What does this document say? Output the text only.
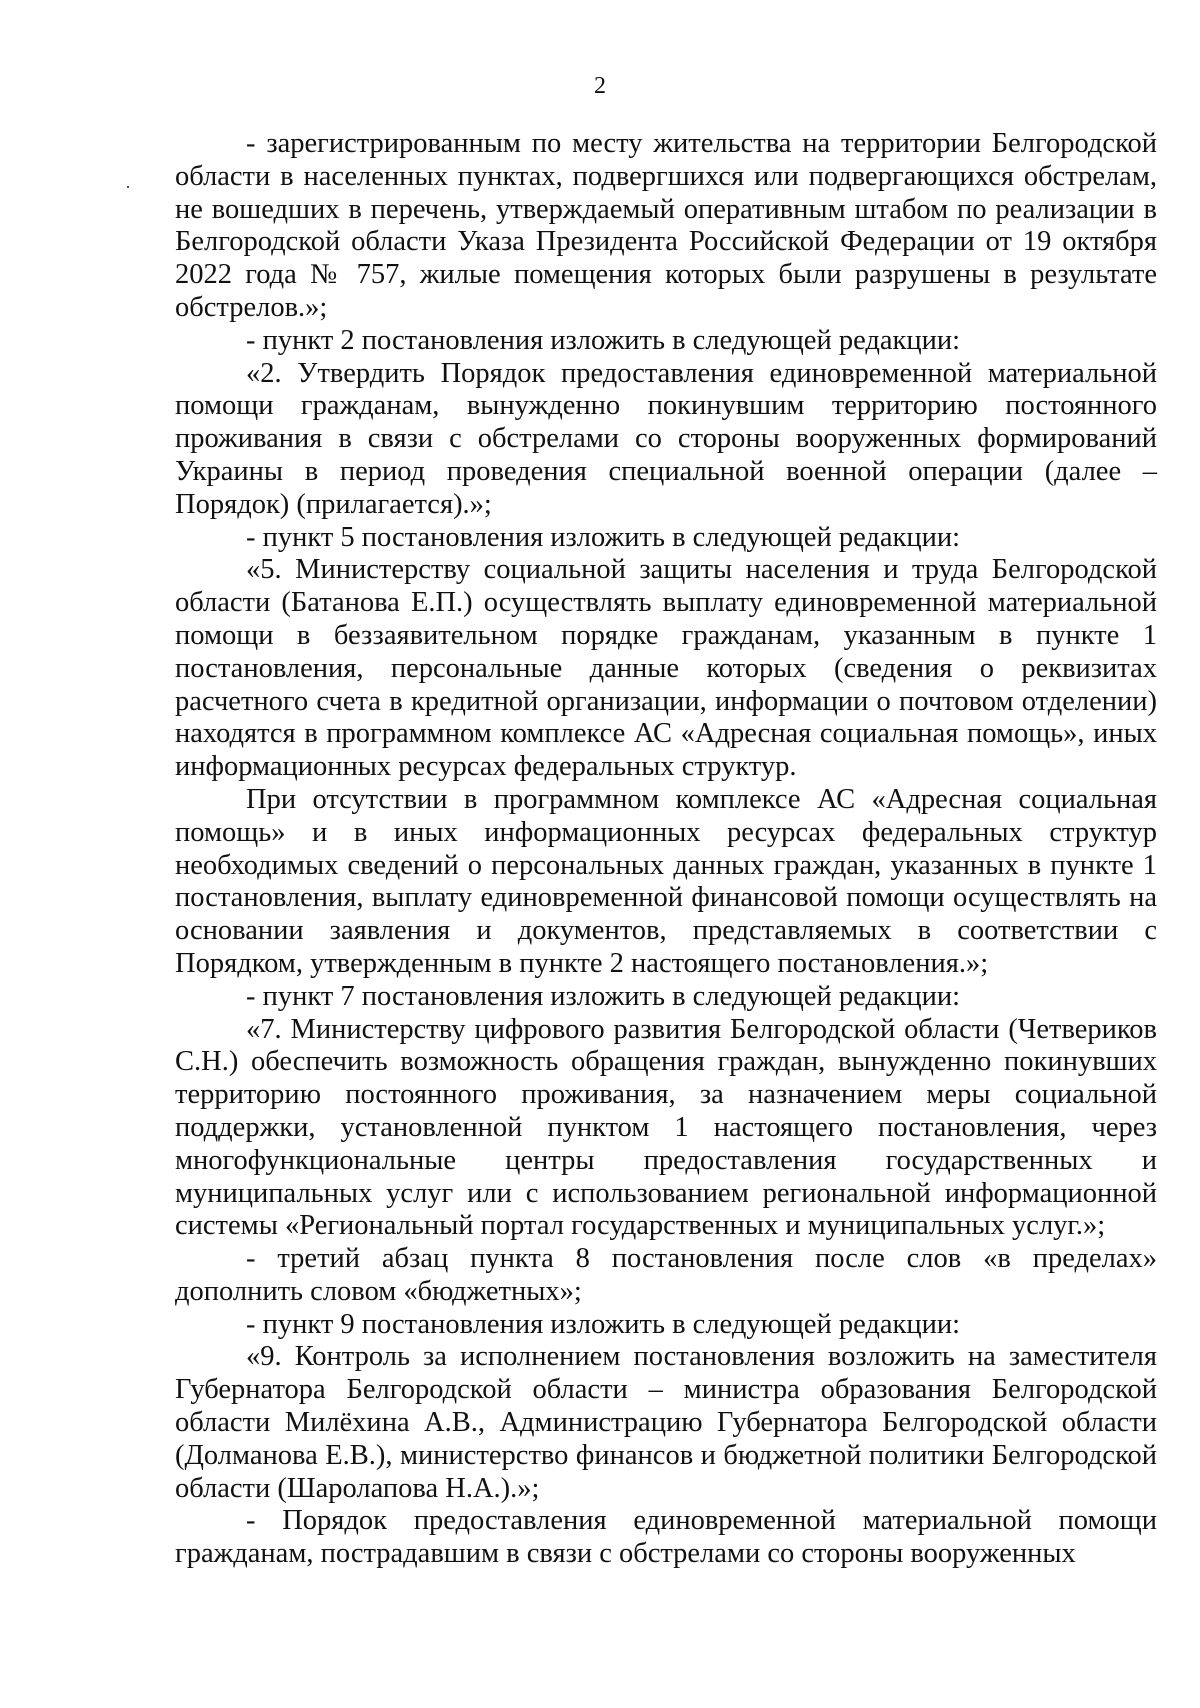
2

- зарегистрированным по месту жительства на территории Белгородской области в населенных пунктах, подвергшихся или подвергающихся обстрелам, не вошедших в перечень, утверждаемый оперативным штабом по реализации в Белгородской области Указа Президента Российской Федерации от 19 октября 2022 года № 757, жилые помещения которых были разрушены в результате обстрелов.»;

- пункт 2 постановления изложить в следующей редакции:

«2. Утвердить Порядок предоставления единовременной материальной помощи гражданам, вынужденно покинувшим территорию постоянного проживания в связи с обстрелами со стороны вооруженных формирований Украины в период проведения специальной военной операции (далее – Порядок) (прилагается).»;

- пункт 5 постановления изложить в следующей редакции:

«5. Министерству социальной защиты населения и труда Белгородской области (Батанова Е.П.) осуществлять выплату единовременной материальной помощи в беззаявительном порядке гражданам, указанным в пункте 1 постановления, персональные данные которых (сведения о реквизитах расчетного счета в кредитной организации, информации о почтовом отделении) находятся в программном комплексе АС «Адресная социальная помощь», иных информационных ресурсах федеральных структур.

При отсутствии в программном комплексе АС «Адресная социальная помощь» и в иных информационных ресурсах федеральных структур необходимых сведений о персональных данных граждан, указанных в пункте 1 постановления, выплату единовременной финансовой помощи осуществлять на основании заявления и документов, представляемых в соответствии с Порядком, утвержденным в пункте 2 настоящего постановления.»;

- пункт 7 постановления изложить в следующей редакции:

«7. Министерству цифрового развития Белгородской области (Четвериков С.Н.) обеспечить возможность обращения граждан, вынужденно покинувших территорию постоянного проживания, за назначением меры социальной поддержки, установленной пунктом 1 настоящего постановления, через многофункциональные центры предоставления государственных и муниципальных услуг или с использованием региональной информационной системы «Региональный портал государственных и муниципальных услуг.»;

- третий абзац пункта 8 постановления после слов «в пределах» дополнить словом «бюджетных»;

- пункт 9 постановления изложить в следующей редакции:

«9. Контроль за исполнением постановления возложить на заместителя Губернатора Белгородской области – министра образования Белгородской области Милёхина А.В., Администрацию Губернатора Белгородской области (Долманова Е.В.), министерство финансов и бюджетной политики Белгородской области (Шаролапова Н.А.).»;

- Порядок предоставления единовременной материальной помощи гражданам, пострадавшим в связи с обстрелами со стороны вооруженных
